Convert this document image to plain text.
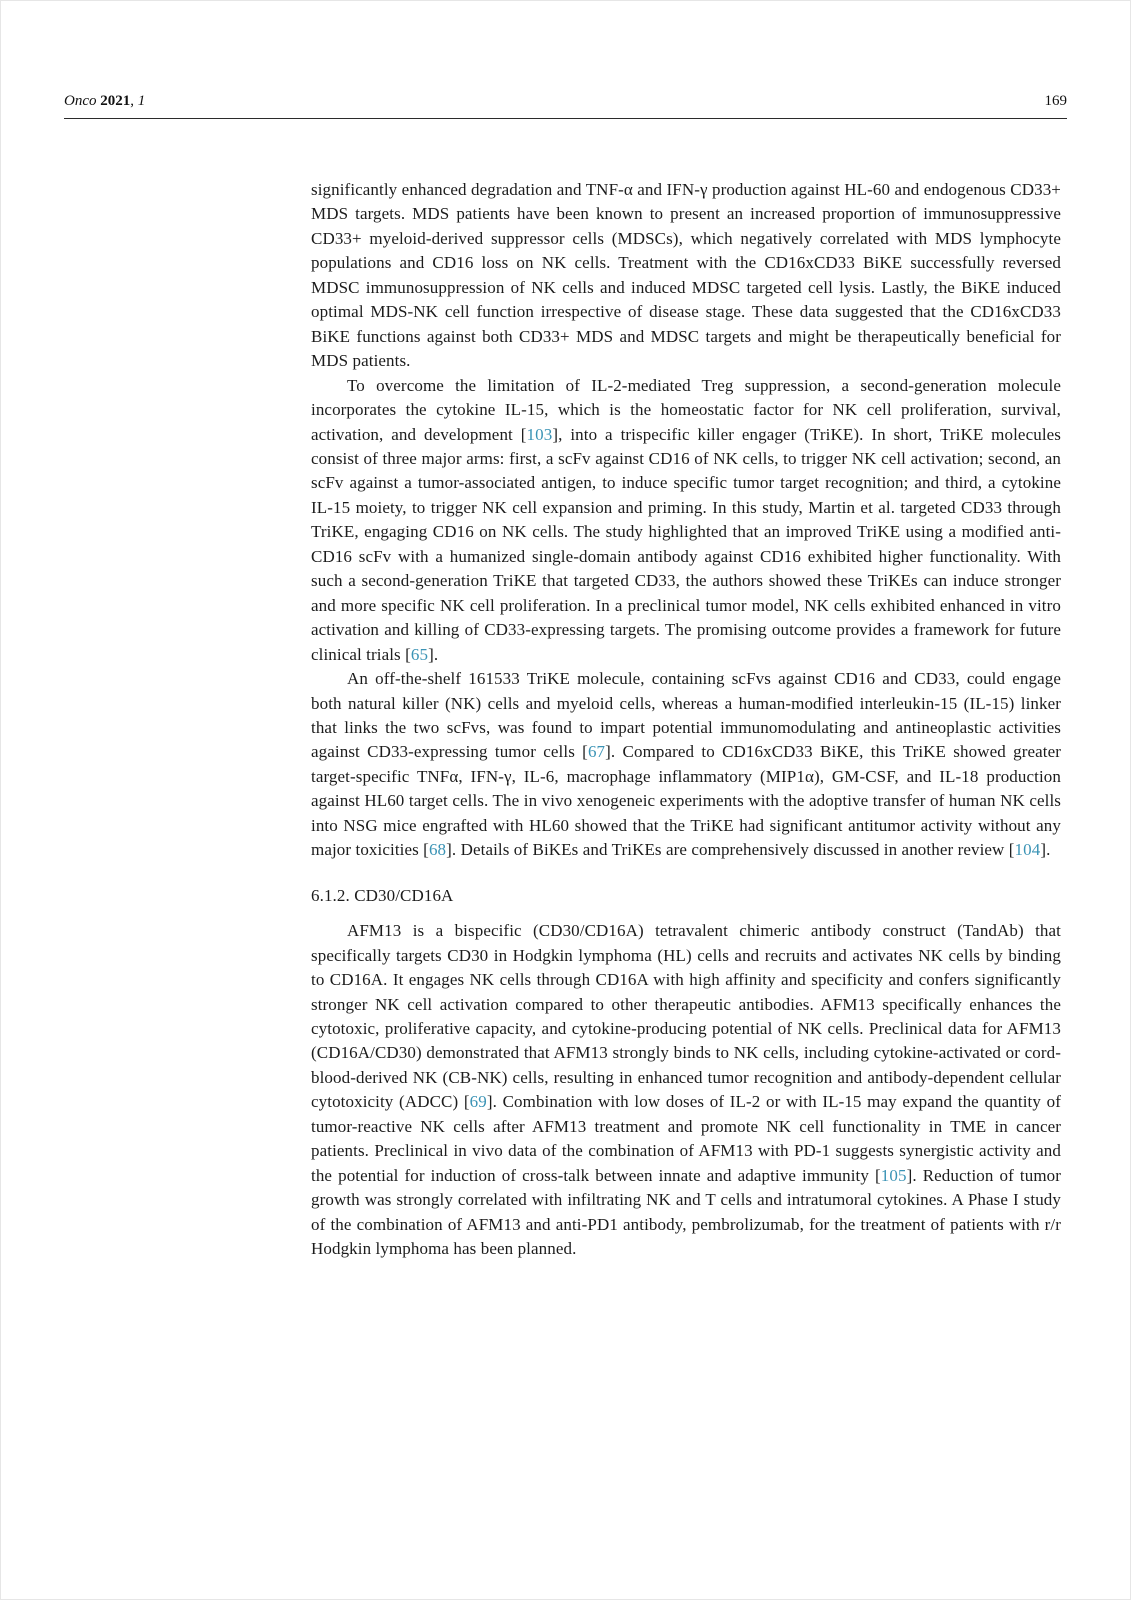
Onco 2021, 1	169

significantly enhanced degradation and TNF-α and IFN-γ production against HL-60 and endogenous CD33+ MDS targets. MDS patients have been known to present an increased proportion of immunosuppressive CD33+ myeloid-derived suppressor cells (MDSCs), which negatively correlated with MDS lymphocyte populations and CD16 loss on NK cells. Treatment with the CD16xCD33 BiKE successfully reversed MDSC immunosuppression of NK cells and induced MDSC targeted cell lysis. Lastly, the BiKE induced optimal MDS-NK cell function irrespective of disease stage. These data suggested that the CD16xCD33 BiKE functions against both CD33+ MDS and MDSC targets and might be therapeutically beneficial for MDS patients.

To overcome the limitation of IL-2-mediated Treg suppression, a second-generation molecule incorporates the cytokine IL-15, which is the homeostatic factor for NK cell proliferation, survival, activation, and development [103], into a trispecific killer engager (TriKE). In short, TriKE molecules consist of three major arms: first, a scFv against CD16 of NK cells, to trigger NK cell activation; second, an scFv against a tumor-associated antigen, to induce specific tumor target recognition; and third, a cytokine IL-15 moiety, to trigger NK cell expansion and priming. In this study, Martin et al. targeted CD33 through TriKE, engaging CD16 on NK cells. The study highlighted that an improved TriKE using a modified anti-CD16 scFv with a humanized single-domain antibody against CD16 exhibited higher functionality. With such a second-generation TriKE that targeted CD33, the authors showed these TriKEs can induce stronger and more specific NK cell proliferation. In a preclinical tumor model, NK cells exhibited enhanced in vitro activation and killing of CD33-expressing targets. The promising outcome provides a framework for future clinical trials [65].

An off-the-shelf 161533 TriKE molecule, containing scFvs against CD16 and CD33, could engage both natural killer (NK) cells and myeloid cells, whereas a human-modified interleukin-15 (IL-15) linker that links the two scFvs, was found to impart potential immunomodulating and antineoplastic activities against CD33-expressing tumor cells [67]. Compared to CD16xCD33 BiKE, this TriKE showed greater target-specific TNFα, IFN-γ, IL-6, macrophage inflammatory (MIP1α), GM-CSF, and IL-18 production against HL60 target cells. The in vivo xenogeneic experiments with the adoptive transfer of human NK cells into NSG mice engrafted with HL60 showed that the TriKE had significant antitumor activity without any major toxicities [68]. Details of BiKEs and TriKEs are comprehensively discussed in another review [104].

6.1.2. CD30/CD16A

AFM13 is a bispecific (CD30/CD16A) tetravalent chimeric antibody construct (TandAb) that specifically targets CD30 in Hodgkin lymphoma (HL) cells and recruits and activates NK cells by binding to CD16A. It engages NK cells through CD16A with high affinity and specificity and confers significantly stronger NK cell activation compared to other therapeutic antibodies. AFM13 specifically enhances the cytotoxic, proliferative capacity, and cytokine-producing potential of NK cells. Preclinical data for AFM13 (CD16A/CD30) demonstrated that AFM13 strongly binds to NK cells, including cytokine-activated or cord-blood-derived NK (CB-NK) cells, resulting in enhanced tumor recognition and antibody-dependent cellular cytotoxicity (ADCC) [69]. Combination with low doses of IL-2 or with IL-15 may expand the quantity of tumor-reactive NK cells after AFM13 treatment and promote NK cell functionality in TME in cancer patients. Preclinical in vivo data of the combination of AFM13 with PD-1 suggests synergistic activity and the potential for induction of cross-talk between innate and adaptive immunity [105]. Reduction of tumor growth was strongly correlated with infiltrating NK and T cells and intratumoral cytokines. A Phase I study of the combination of AFM13 and anti-PD1 antibody, pembrolizumab, for the treatment of patients with r/r Hodgkin lymphoma has been planned.
